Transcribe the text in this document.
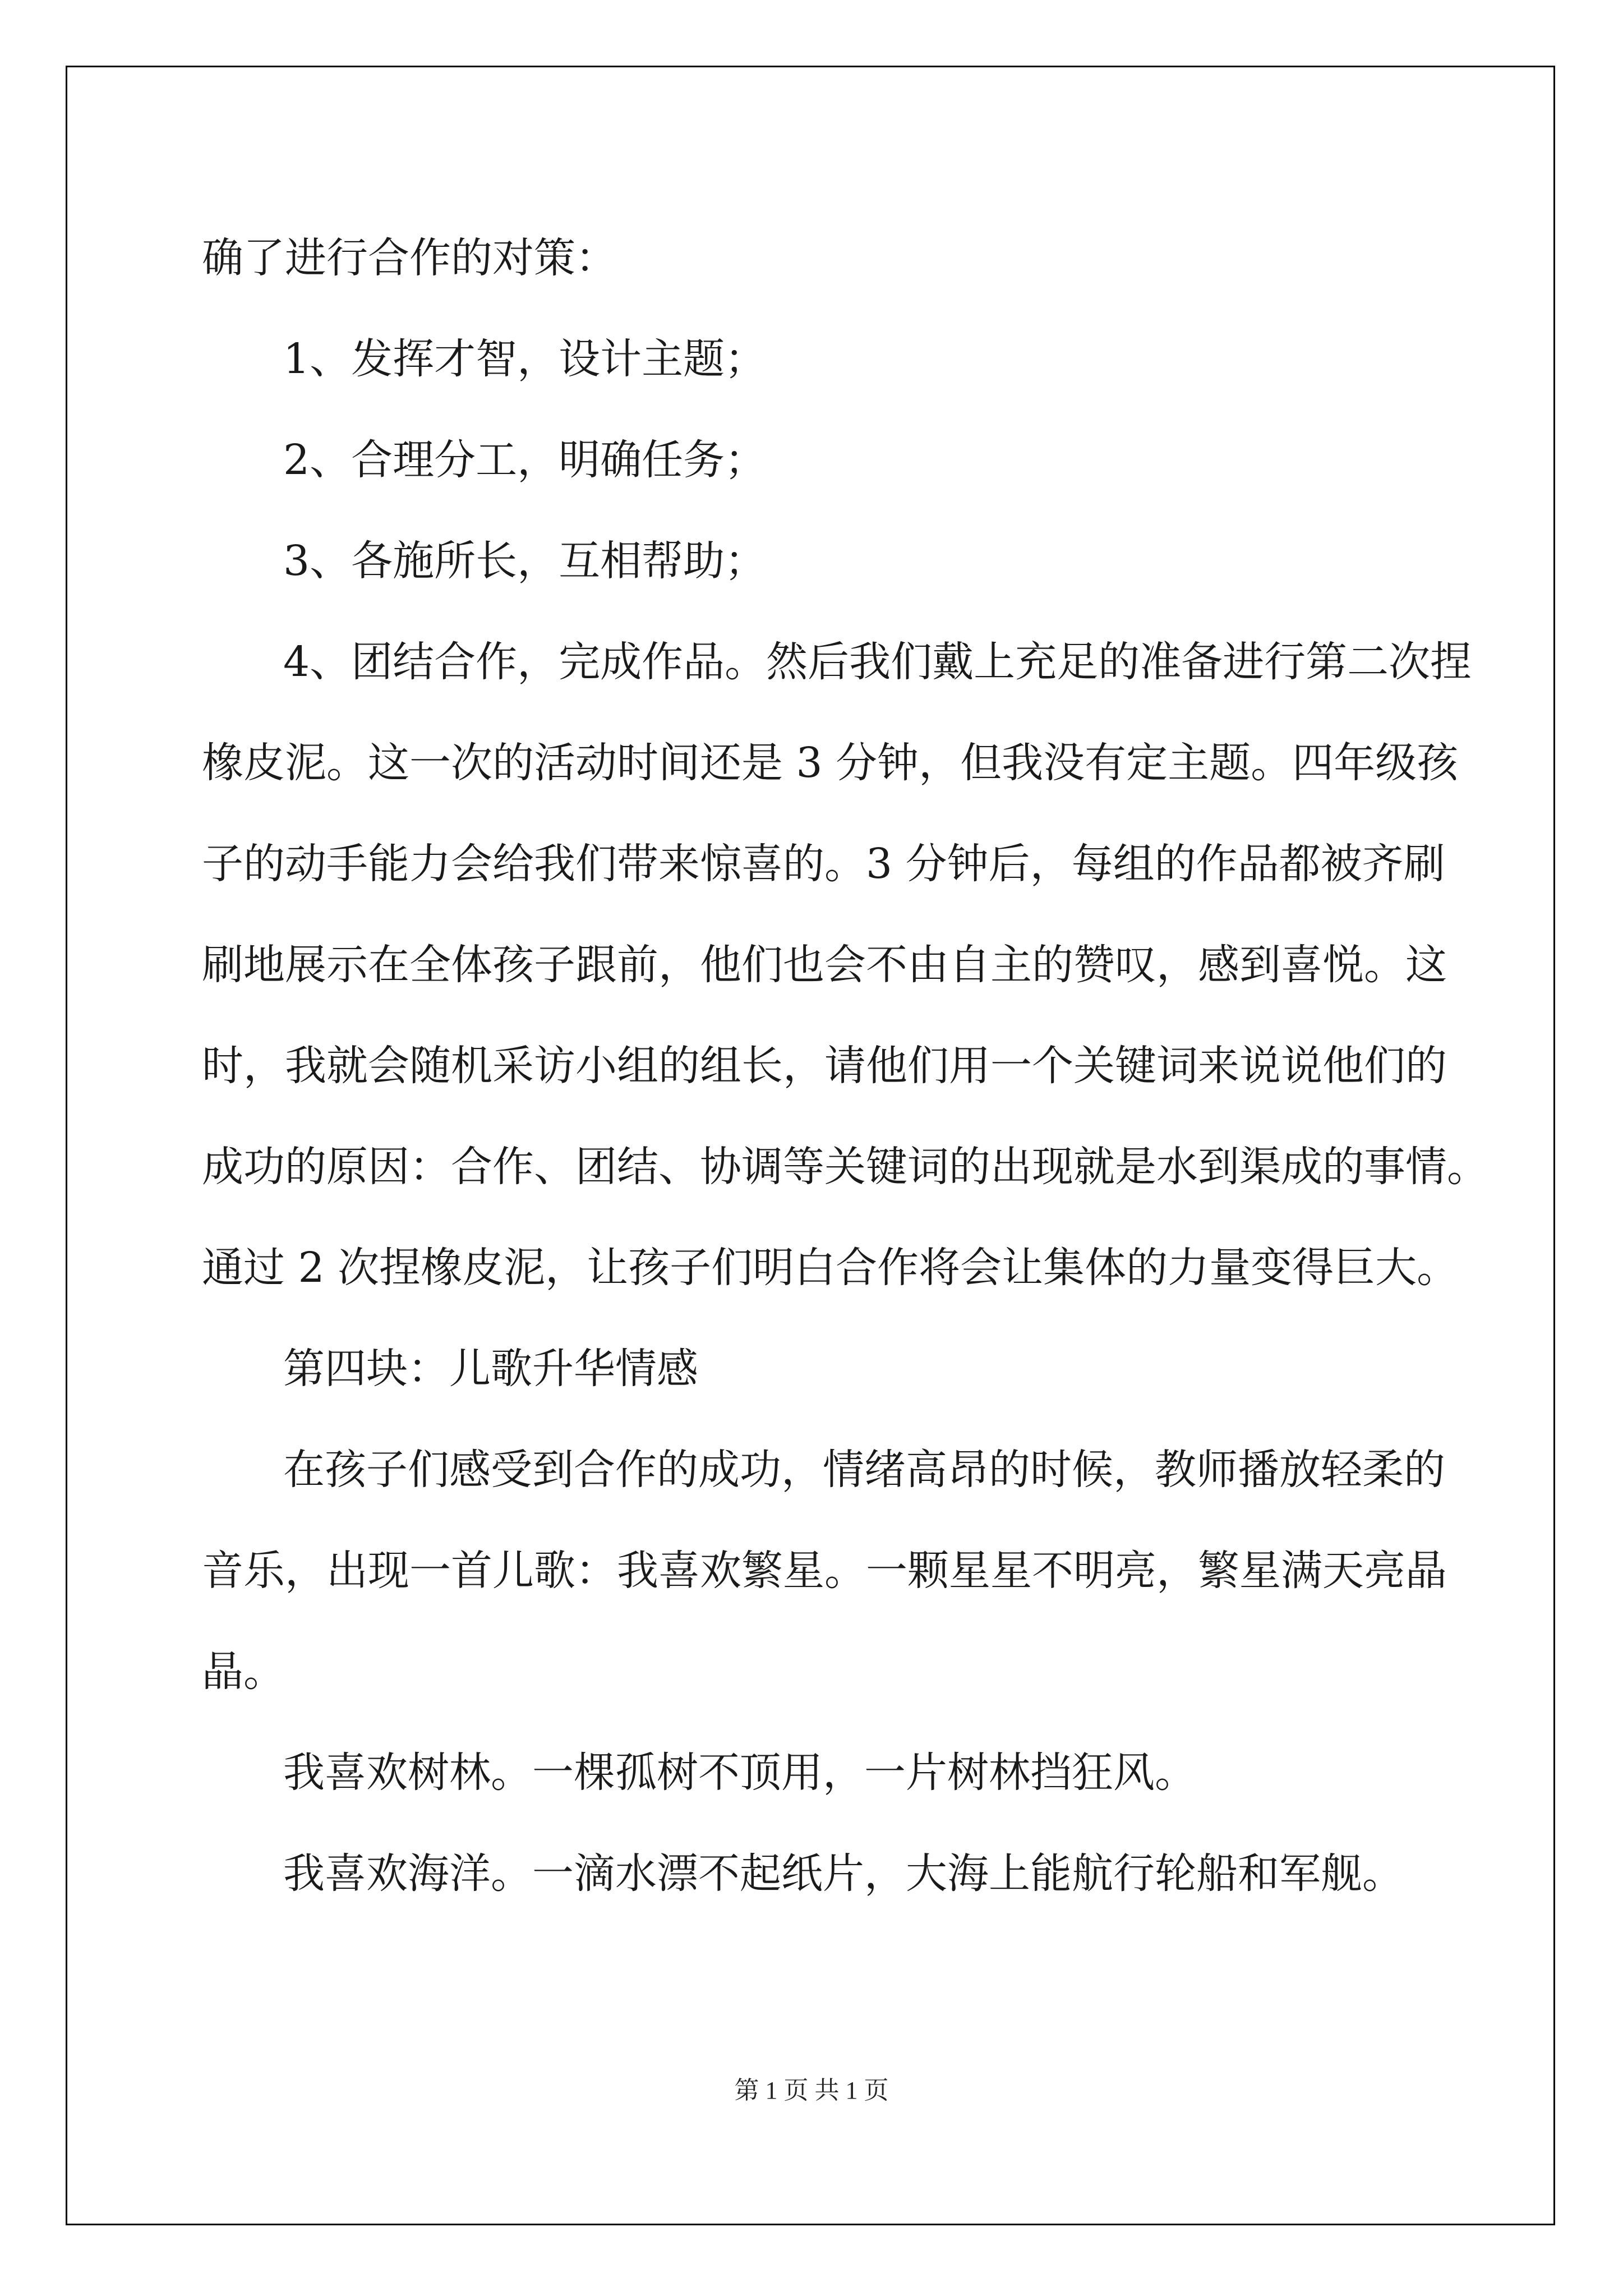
确了进行合作的对策：
1、发挥才智，设计主题；
2、合理分工，明确任务；
3、各施所长，互相帮助；
4、团结合作，完成作品。然后我们戴上充足的准备进行第二次捏
橡皮泥。这一次的活动时间还是 3 分钟，但我没有定主题。四年级孩
子的动手能力会给我们带来惊喜的。3 分钟后，每组的作品都被齐刷
刷地展示在全体孩子跟前，他们也会不由自主的赞叹，感到喜悦。这
时，我就会随机采访小组的组长，请他们用一个关键词来说说他们的
成功的原因：合作、团结、协调等关键词的出现就是水到渠成的事情。
通过 2 次捏橡皮泥，让孩子们明白合作将会让集体的力量变得巨大。
第四块：儿歌升华情感
在孩子们感受到合作的成功，情绪高昂的时候，教师播放轻柔的
音乐，出现一首儿歌：我喜欢繁星。一颗星星不明亮，繁星满天亮晶
晶。
我喜欢树林。一棵孤树不顶用，一片树林挡狂风。
我喜欢海洋。一滴水漂不起纸片，大海上能航行轮船和军舰。
第 1 页 共 1 页
